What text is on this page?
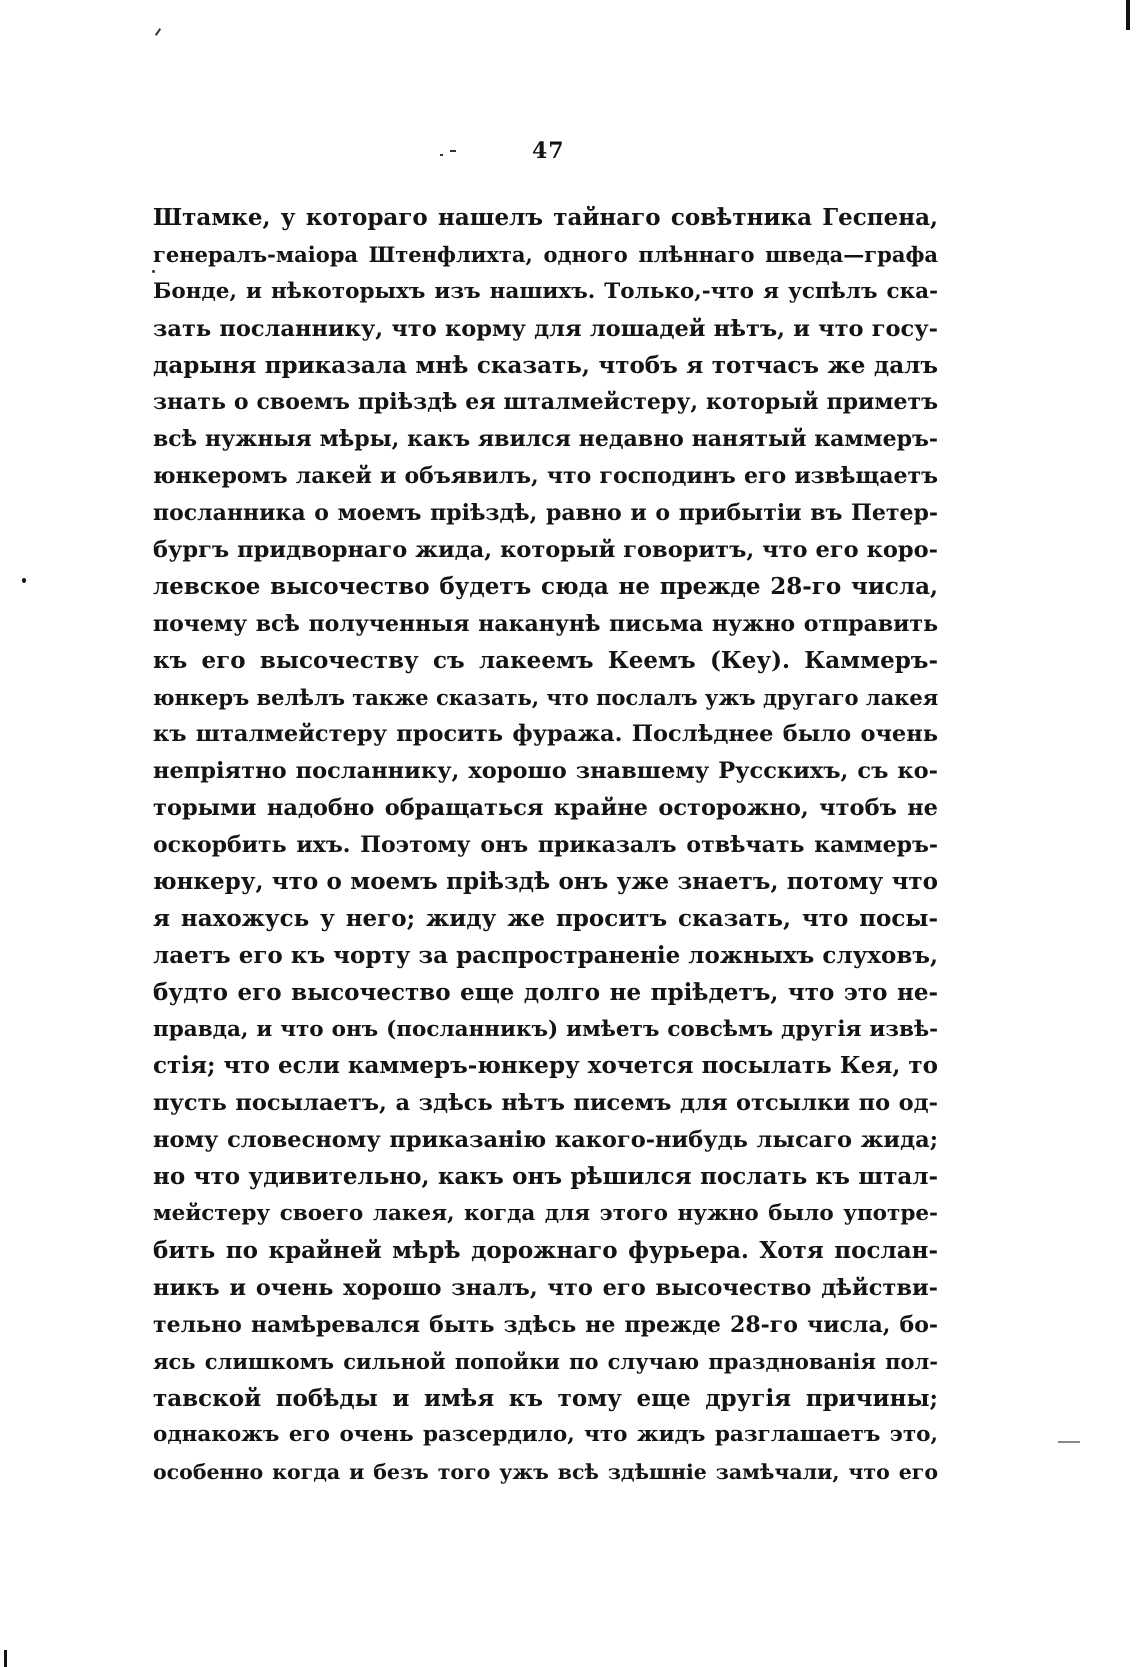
47
Штамке, у котораго нашелъ тайнаго совѣтника Геспена,
генералъ-маіора Штенфлихта, одного плѣннаго шведа—графа
Бонде, и нѣкоторыхъ изъ нашихъ. Только,-что я успѣлъ ска-
зать посланнику, что корму для лошадей нѣтъ, и что госу-
дарыня приказала мнѣ сказать, чтобъ я тотчасъ же далъ
знать о своемъ пріѣздѣ ея шталмейстеру, который приметъ
всѣ нужныя мѣры, какъ явился недавно нанятый каммеръ-
юнкеромъ лакей и объявилъ, что господинъ его извѣщаетъ
посланника о моемъ пріѣздѣ, равно и о прибытіи въ Петер-
бургъ придворнаго жида, который говоритъ, что его коро-
левское высочество будетъ сюда не прежде 28-го числа,
почему всѣ полученныя наканунѣ письма нужно отправить
къ его высочеству съ лакеемъ Кеемъ (Кеу). Каммеръ-
юнкеръ велѣлъ также сказать, что послалъ ужъ другаго лакея
къ шталмейстеру просить фуража. Послѣднее было очень
непріятно посланнику, хорошо знавшему Русскихъ, съ ко-
торыми надобно обращаться крайне осторожно, чтобъ не
оскорбить ихъ. Поэтому онъ приказалъ отвѣчать каммеръ-
юнкеру, что о моемъ пріѣздѣ онъ уже знаетъ, потому что
я нахожусь у него; жиду же проситъ сказать, что посы-
лаетъ его къ чорту за распространеніе ложныхъ слуховъ,
будто его высочество еще долго не пріѣдетъ, что это не-
правда, и что онъ (посланникъ) имѣетъ совсѣмъ другія извѣ-
стія; что если каммеръ-юнкеру хочется посылать Кея, то
пусть посылаетъ, а здѣсь нѣтъ писемъ для отсылки по од-
ному словесному приказанію какого-нибудь лысаго жида;
но что удивительно, какъ онъ рѣшился послать къ штал-
мейстеру своего лакея, когда для этого нужно было употре-
бить по крайней мѣрѣ дорожнаго фурьера. Хотя послан-
никъ и очень хорошо зналъ, что его высочество дѣйстви-
тельно намѣревался быть здѣсь не прежде 28-го числа, бо-
ясь слишкомъ сильной попойки по случаю празднованія пол-
тавской побѣды и имѣя къ тому еще другія причины;
однакожъ его очень разсердило, что жидъ разглашаетъ это,
особенно когда и безъ того ужъ всѣ здѣшніе замѣчали, что его
